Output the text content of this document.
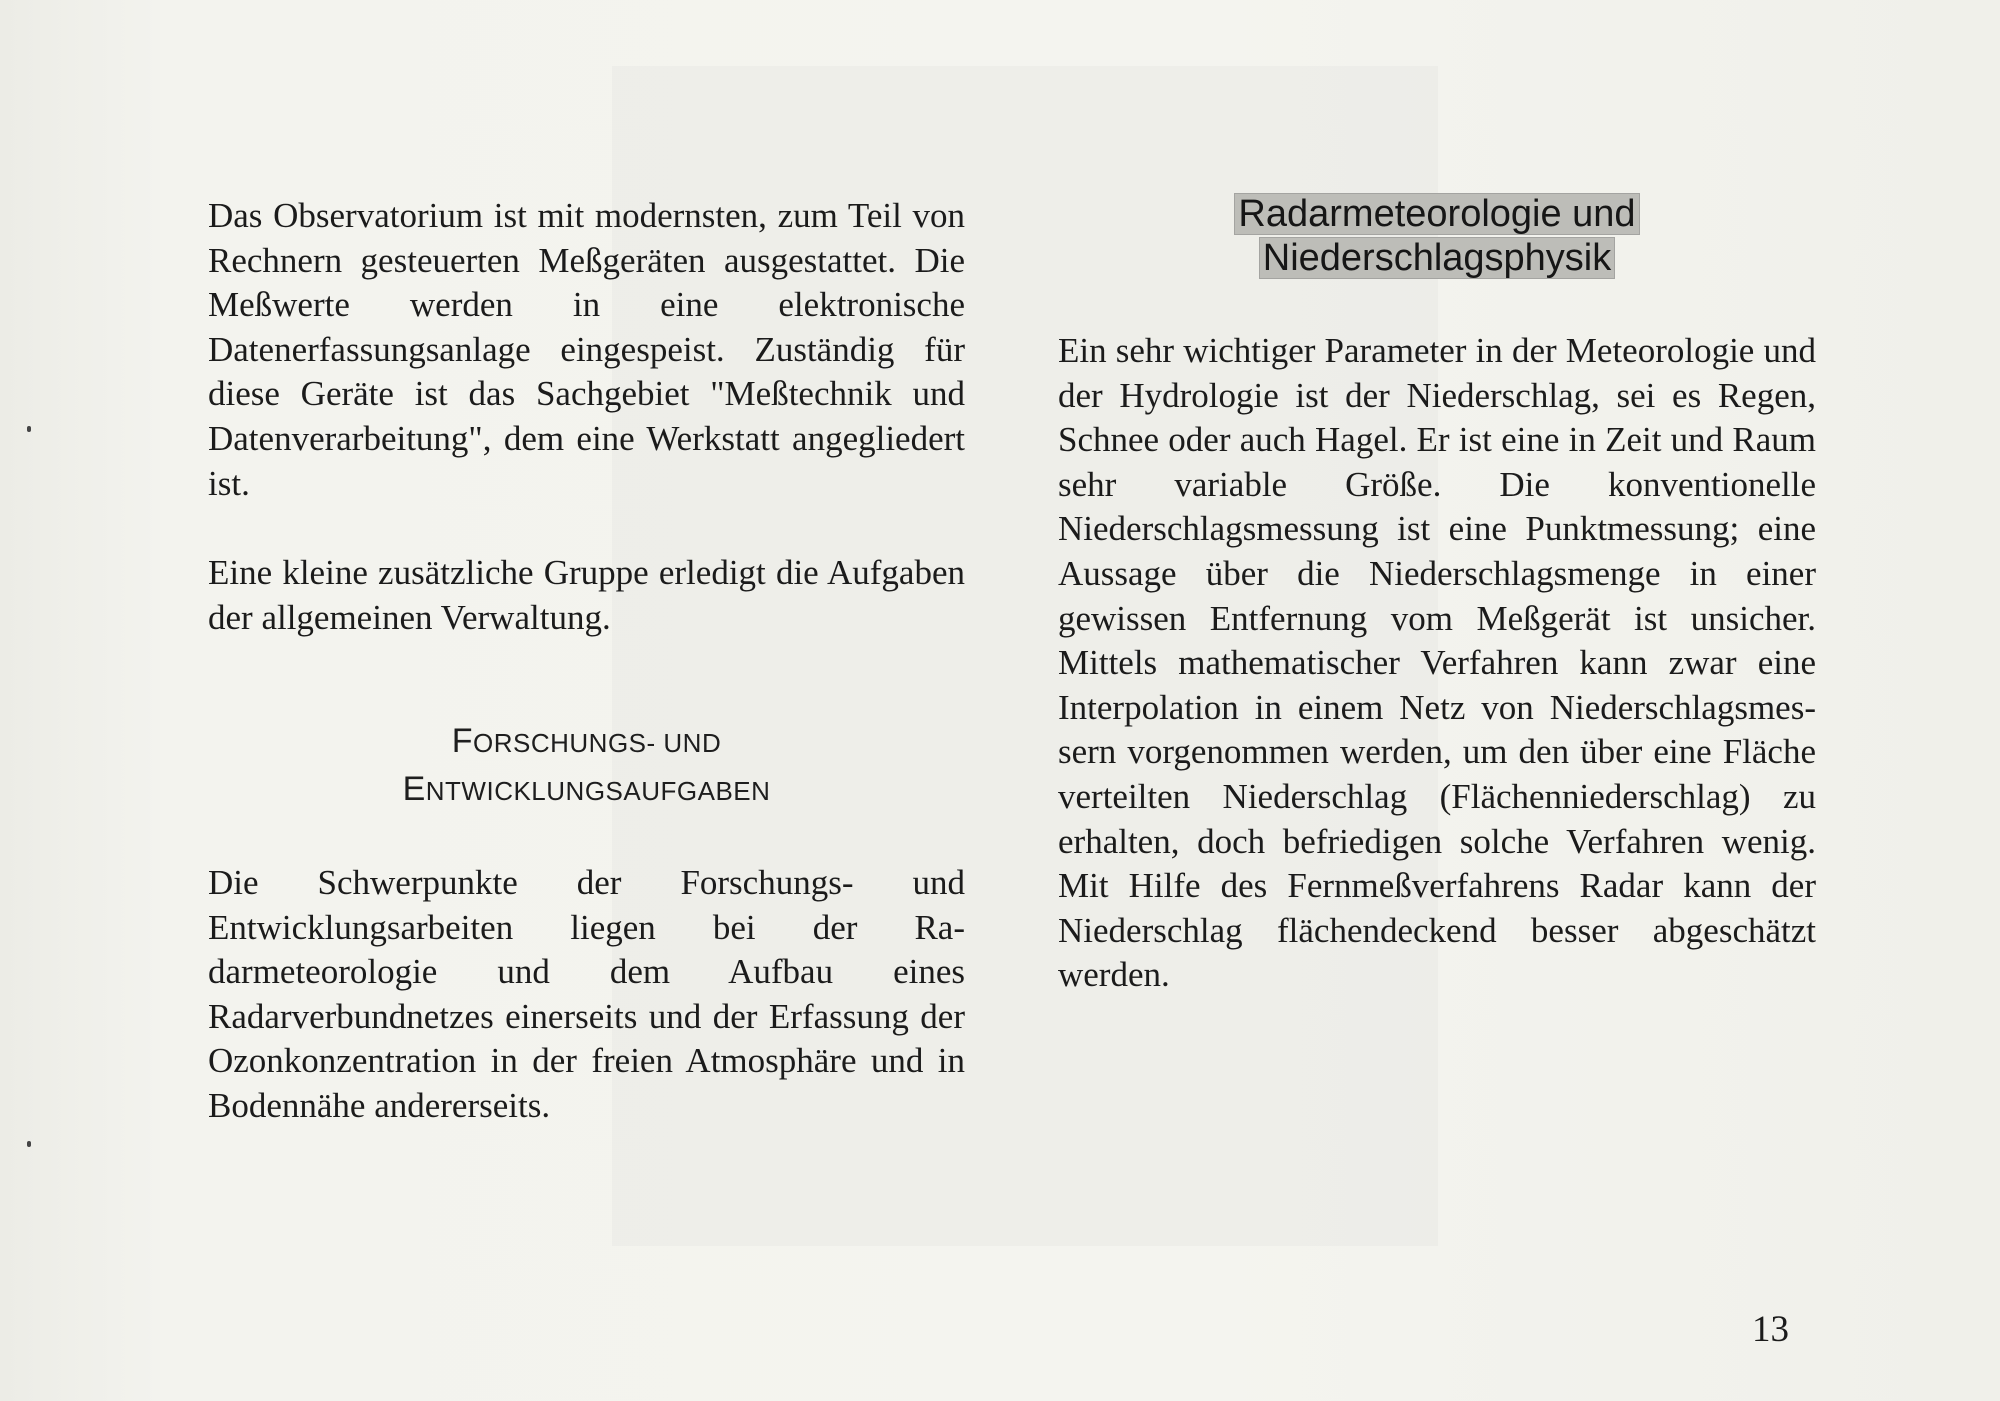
Das Observatorium ist mit modernsten, zum Teil von Rechnern gesteuerten Meßgeräten ausgestattet. Die Meßwerte werden in eine elektronische Datenerfassungsanlage eingespeist. Zuständig für diese Geräte ist das Sachgebiet "Meßtechnik und Datenverarbeitung", dem eine Werkstatt angegliedert ist.

Eine kleine zusätzliche Gruppe erledigt die Aufgaben der allgemeinen Verwaltung.

FORSCHUNGS- UND
ENTWICKLUNGSAUFGABEN

Die Schwerpunkte der Forschungs- und Entwicklungsarbeiten liegen bei der Radarmeteorologie und dem Aufbau eines Radarverbundnetzes einerseits und der Erfassung der Ozonkonzentration in der freien Atmosphäre und in Bodennähe andererseits.

Radarmeteorologie und
Niederschlagsphysik

Ein sehr wichtiger Parameter in der Meteorologie und der Hydrologie ist der Niederschlag, sei es Regen, Schnee oder auch Hagel. Er ist eine in Zeit und Raum sehr variable Größe. Die konventionelle Niederschlagsmessung ist eine Punktmessung; eine Aussage über die Niederschlagsmenge in einer gewissen Entfernung vom Meßgerät ist unsicher. Mittels mathematischer Verfahren kann zwar eine Interpolation in einem Netz von Niederschlagsmessern vorgenommen werden, um den über eine Fläche verteilten Niederschlag (Flächenniederschlag) zu erhalten, doch befriedigen solche Verfahren wenig. Mit Hilfe des Fernmeßverfahrens Radar kann der Niederschlag flächendeckend besser abgeschätzt werden.

13
